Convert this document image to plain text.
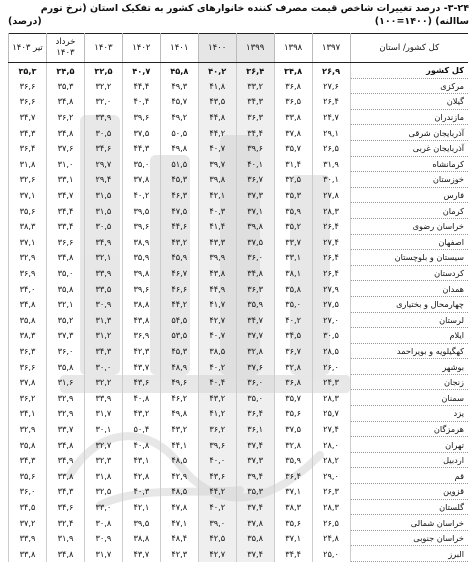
۳-۲۴- درصد تغییرات شاخص قیمت مصرف کننده خانوارهای کشور به تفکیک استان (نرخ تورم ساالنه) (۱۴۰۰=۱۰۰)
(درصد)
کل کشور/ استان	۱۳۹۷	۱۳۹۸	۱۳۹۹	۱۴۰۰	۱۴۰۱	۱۴۰۲	۱۴۰۳	خرداد ۱۴۰۳	تیر ۱۴۰۳
کل کشور	۲۶,۹	۳۴,۸	۳۶,۴	۴۰,۲	۴۵,۸	۴۰,۷	۳۲,۵	۳۴,۵	۳۵,۳
مرکزی	۲۷,۶	۳۶,۸	۳۳,۲	۴۱,۸	۴۹,۳	۴۴,۴	۳۲,۲	۳۵,۳	۳۶,۶
گیلان	۲۶,۴	۳۶,۵	۳۴,۳	۴۳,۵	۴۵,۷	۴۰,۴	۳۲,۰	۳۴,۸	۳۶,۶
مازندران	۲۴,۷	۳۳,۸	۳۶,۳	۴۴,۸	۴۹,۲	۳۹,۶	۳۳,۹	۳۶,۲	۳۴,۷
آذربایجان شرقی	۲۹,۱	۳۷,۸	۳۴,۴	۴۴,۲	۵۰,۵	۳۷,۵	۳۰,۵	۳۴,۸	۳۴,۳
آذربایجان غربی	۲۶,۵	۳۵,۷	۳۹,۶	۴۰,۷	۴۹,۸	۴۴,۳	۳۴,۶	۳۷,۶	۳۶,۴
کرمانشاه	۳۱,۹	۳۱,۴	۴۰,۱	۳۹,۷	۵۱,۵	۳۵,۰	۲۹,۷	۳۱,۰	۳۱,۸
خوزستان	۳۰,۱	۳۲,۵	۳۶,۷	۳۹,۸	۴۵,۳	۳۷,۸	۲۹,۴	۳۳,۱	۳۲,۶
فارس	۲۷,۸	۳۵,۳	۳۷,۳	۴۲,۱	۴۶,۳	۴۰,۲	۳۱,۵	۳۴,۷	۳۷,۱
کرمان	۲۸,۳	۳۵,۹	۳۷,۱	۴۰,۳	۴۷,۵	۳۹,۵	۳۱,۵	۳۴,۴	۳۵,۶
خراسان رضوی	۲۶,۴	۳۵,۲	۳۹,۸	۴۱,۴	۴۴,۶	۳۹,۶	۳۰,۵	۳۳,۴	۳۸,۳
اصفهان	۲۷,۴	۳۳,۷	۳۷,۵	۴۳,۳	۴۳,۲	۳۸,۹	۳۴,۹	۳۶,۶	۳۷,۱
سیستان و بلوچستان	۲۶,۴	۳۳,۱	۳۶,۰	۳۹,۹	۴۵,۹	۳۵,۹	۳۲,۱	۳۴,۸	۳۲,۹
کردستان	۲۶,۴	۳۸,۱	۳۴,۸	۴۳,۸	۴۶,۷	۳۹,۸	۳۳,۹	۳۵,۰	۳۶,۹
همدان	۲۷,۹	۳۵,۸	۳۶,۳	۴۴,۹	۴۶,۶	۳۹,۶	۳۳,۵	۳۵,۸	۳۴,۰
چهارمحال و بختیاری	۲۷,۵	۳۵,۰	۳۵,۹	۴۱,۷	۴۴,۲	۳۸,۸	۳۰,۹	۳۲,۱	۳۴,۸
لرستان	۲۷,۰	۴۰,۲	۳۴,۷	۴۲,۷	۵۴,۵	۴۳,۸	۳۱,۳	۳۵,۲	۳۵,۸
ایلام	۳۰,۵	۳۴,۵	۳۷,۷	۴۰,۷	۵۳,۵	۳۶,۹	۳۱,۲	۳۷,۳	۳۸,۳
کهگیلویه و بویراحمد	۲۸,۵	۳۶,۷	۳۲,۸	۳۸,۵	۴۵,۳	۴۲,۳	۳۴,۳	۳۶,۰	۳۶,۳
بوشهر	۲۶,۰	۳۲,۸	۳۷,۶	۴۰,۲	۴۸,۹	۴۳,۷	۳۰,۰	۳۵,۸	۳۶,۶
زنجان	۲۴,۳	۳۶,۸	۳۶,۰	۴۰,۴	۴۹,۶	۴۳,۶	۳۲,۲	۳۱,۶	۳۷,۸
سمنان	۲۸,۳	۳۵,۷	۳۵,۰	۴۳,۲	۴۶,۲	۴۰,۸	۳۳,۹	۳۲,۹	۳۶,۲
یزد	۲۵,۷	۳۵,۶	۳۶,۴	۴۱,۲	۴۹,۸	۴۳,۲	۳۱,۷	۳۲,۹	۳۴,۱
هرمزگان	۲۷,۴	۳۷,۵	۳۶,۱	۳۶,۲	۴۳,۲	۵۰,۴	۳۰,۱	۳۳,۷	۳۲,۹
تهران	۲۸,۰	۳۲,۸	۳۷,۴	۳۹,۶	۴۴,۱	۴۰,۸	۳۲,۷	۳۴,۸	۳۵,۸
اردبیل	۲۸,۲	۳۵,۹	۳۷,۳	۴۰,۰	۴۸,۵	۴۳,۱	۳۲,۳	۳۴,۹	۳۴,۳
قم	۲۹,۰	۳۶,۴	۳۹,۴	۴۳,۶	۴۲,۹	۴۲,۸	۳۱,۸	۳۳,۸	۳۵,۶
قزوین	۲۶,۳	۳۷,۱	۳۵,۳	۴۴,۲	۴۸,۵	۴۰,۳	۳۲,۵	۳۴,۳	۳۶,۰
گلستان	۲۸,۳	۳۸,۳	۳۷,۴	۴۰,۲	۴۷,۸	۴۲,۱	۳۳,۰	۳۴,۶	۳۴,۵
خراسان شمالی	۲۶,۵	۳۵,۶	۳۷,۸	۳۹,۰	۴۷,۱	۳۹,۵	۳۰,۸	۳۲,۴	۳۷,۲
خراسان جنوبی	۲۴,۸	۳۷,۱	۳۵,۸	۴۲,۵	۴۸,۴	۳۸,۸	۳۰,۹	۳۱,۹	۳۳,۹
البرز	۲۵,۰	۳۴,۴	۳۷,۴	۴۲,۷	۴۲,۳	۴۳,۷	۳۱,۷	۳۴,۸	۳۳,۸
